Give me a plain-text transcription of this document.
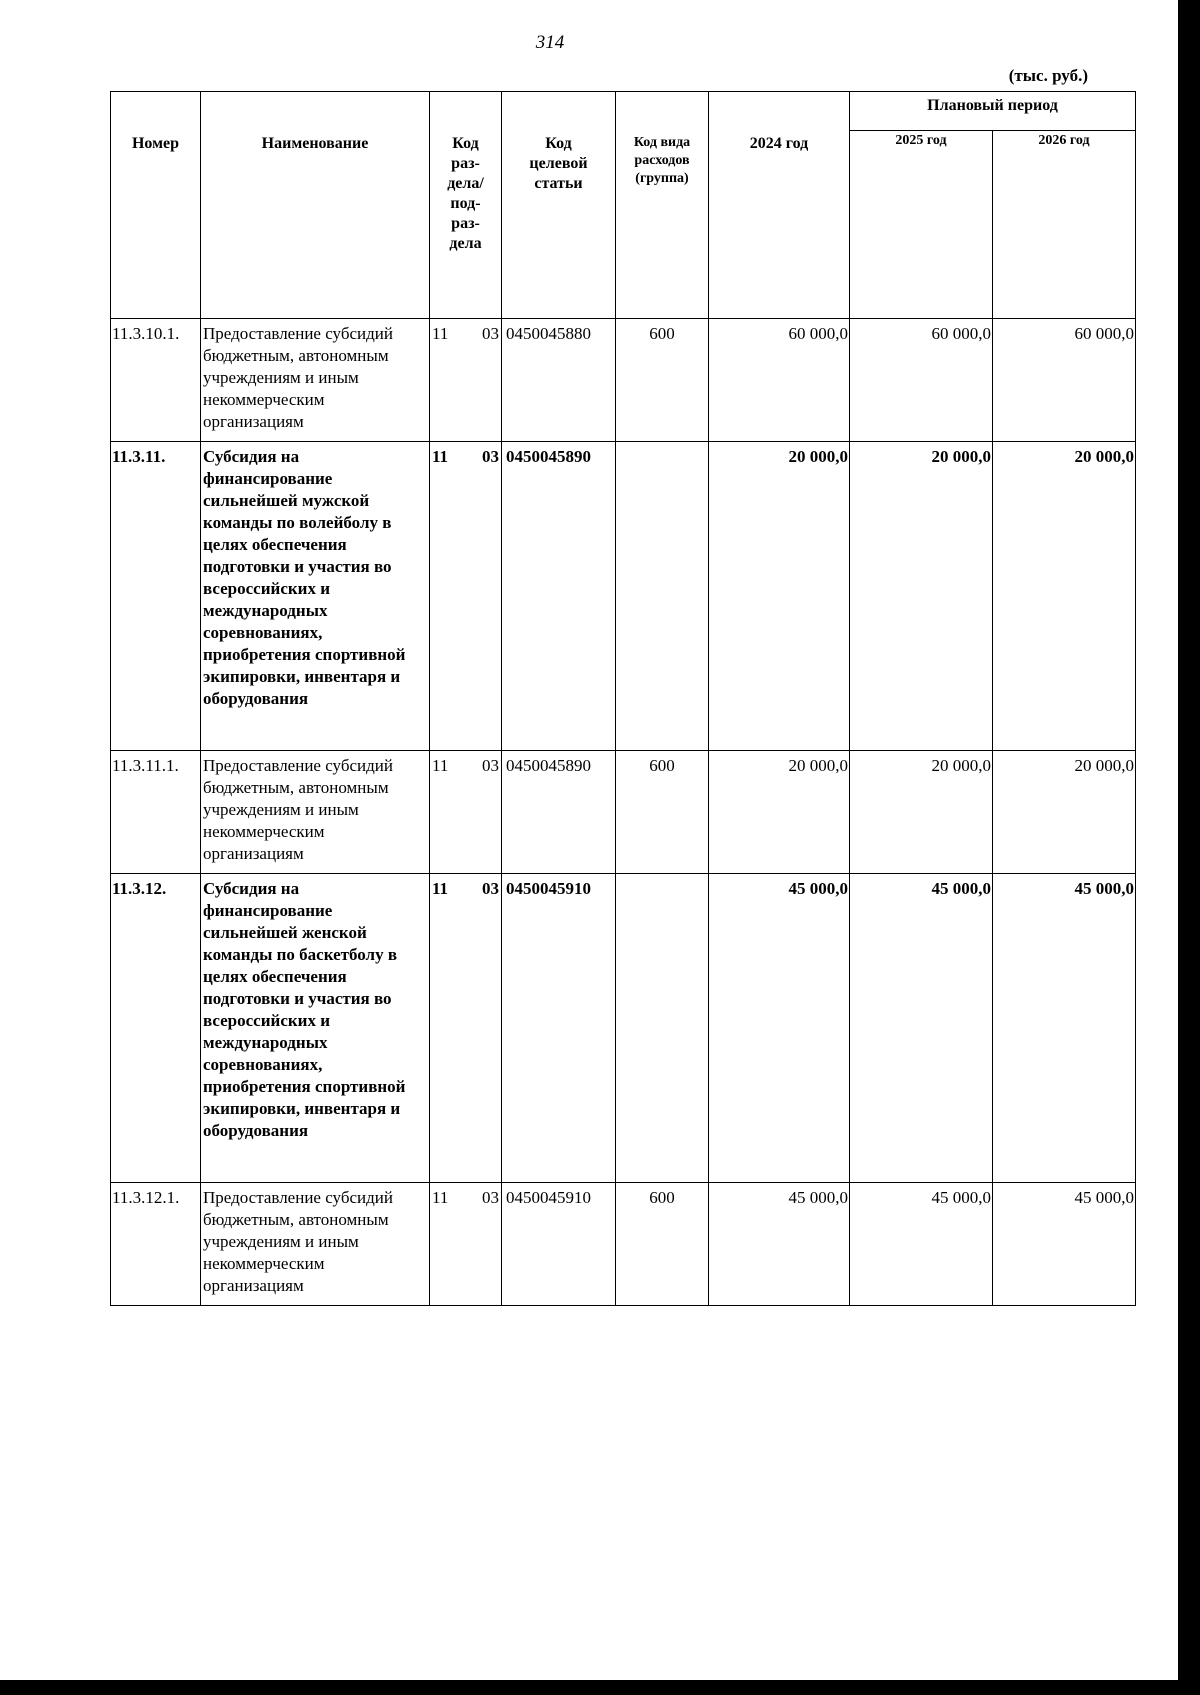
314
(тыс. руб.)
Номер	Наименование	Код раз-дела/ под-раз-дела	Код целевой статьи	Код вида расходов (группа)	2024 год	Плановый период	
						2025 год	2026 год
11.3.10.1.	Предоставление субсидий бюджетным, автономным учреждениям и иным некоммерческим организациям	11 03	0450045880	600	60 000,0	60 000,0	60 000,0
11.3.11.	Субсидия на финансирование сильнейшей мужской команды по волейболу в целях обеспечения подготовки и участия во всероссийских и международных соревнованиях, приобретения спортивной экипировки, инвентаря и оборудования	11 03	0450045890		20 000,0	20 000,0	20 000,0
11.3.11.1.	Предоставление субсидий бюджетным, автономным учреждениям и иным некоммерческим организациям	11 03	0450045890	600	20 000,0	20 000,0	20 000,0
11.3.12.	Субсидия на финансирование сильнейшей женской команды по баскетболу в целях обеспечения подготовки и участия во всероссийских и международных соревнованиях, приобретения спортивной экипировки, инвентаря и оборудования	11 03	0450045910		45 000,0	45 000,0	45 000,0
11.3.12.1.	Предоставление субсидий бюджетным, автономным учреждениям и иным некоммерческим организациям	11 03	0450045910	600	45 000,0	45 000,0	45 000,0
